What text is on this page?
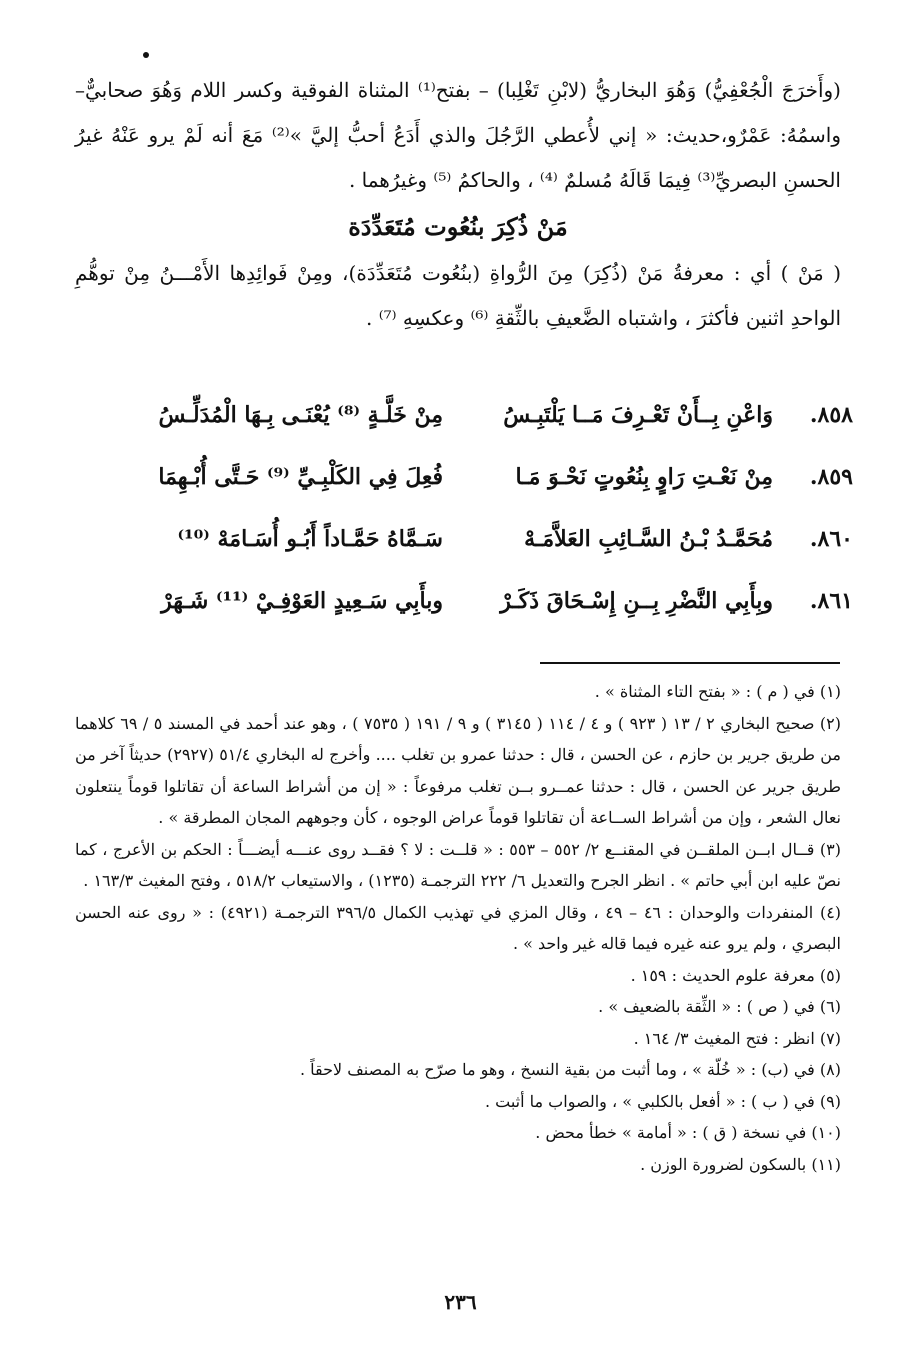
(وأَخرَجَ الْجُعْفِيُّ) وَهُوَ البخاريُّ (لابْنِ تَغْلِبا) – بفتح⁽¹⁾ المثناة الفوقية وكسر اللام وَهُوَ صحابيٌّ–واسمُهُ: عَمْرٌو،حديث: « إني لأُعطي الرَّجُلَ والذي أَدَعُ أحبُّ إليَّ »⁽²⁾ مَعَ أنه لَمْ يرو عَنْهُ غيرُ الحسنِ البصريِّ⁽³⁾ فِيمَا قَالَهُ مُسلمٌ ⁽⁴⁾ ، والحاكمُ ⁽⁵⁾ وغيرُهما .

مَنْ ذُكِرَ بنُعُوت مُتَعَدِّدَة

( مَنْ ) أي : معرفةُ مَنْ (ذُكِرَ) مِنَ الرُّواةِ (بنُعُوت مُتَعَدِّدَة)، ومِنْ فَوائِدِها الأَمْـــنُ مِنْ توهُّمِ الواحدِ اثنين فأكثرَ ، واشتباه الضَّعيفِ بالثِّقةِ ⁽⁶⁾ وعكسِهِ ⁽⁷⁾ .

٨٥٨.
وَاعْنِ بِــأَنْ تَعْـرِفَ مَــا يَلْتَبِـسُ
مِنْ خَلَّـةٍ ⁽⁸⁾ يُعْنَـى بِـهَا الْمُدَلِّـسُ
٨٥٩.
مِنْ نَعْـتِ رَاوٍ بِنُعُوتٍ نَحْـوَ مَـا
فُعِلَ فِي الكَلْبِـيِّ ⁽⁹⁾ حَـتَّى أُبْـهِمَا
٨٦٠.
مُحَمَّـدُ بْـنُ السَّـائِبِ العَلاَّمَـهْ
سَـمَّاهُ حَمَّـاداً أَبُـو أُسَـامَهْ ⁽¹⁰⁾
٨٦١.
وبِأَبِي النَّضْرِ بِــنِ إِسْـحَاقَ ذَكَـرْ
وبأَبِي سَـعِيدٍ العَوْفِـيْ ⁽¹¹⁾ شَـهَرْ

(١) في ( م ) : « بفتح التاء المثناة » .

(٢) صحيح البخاري ٢ / ١٣ ( ٩٢٣ ) و ٤ / ١١٤ ( ٣١٤٥ ) و ٩ / ١٩١ ( ٧٥٣٥ ) ، وهو عند أحمد في المسند ٥ / ٦٩ كلاهما من طريق جرير بن حازم ، عن الحسن ، قال : حدثنا عمرو بن تغلب .... وأخرج له البخاري ٥١/٤ (٢٩٢٧) حديثاً آخر من طريق جرير عن الحسن ، قال : حدثنا عمــرو بــن تغلب مرفوعاً : « إن من أشراط الساعة أن تقاتلوا قوماً ينتعلون نعال الشعر ، وإن من أشراط الســاعة أن تقاتلوا قوماً عراض الوجوه ، كأن وجوههم المجان المطرقة » .

(٣) قــال ابــن الملقــن في المقنــع ٢/ ٥٥٢ – ٥٥٣ : « قلــت : لا ؟ فقــد روى عنـــه أيضـــاً : الحكم بن الأعرج ، كما نصّ عليه ابن أبي حاتم » . انظر الجرح والتعديل ٦/ ٢٢٢ الترجمـة (١٢٣٥) ، والاستيعاب ٥١٨/٢ ، وفتح المغيث ١٦٣/٣ .

(٤) المنفردات والوحدان : ٤٦ – ٤٩ ، وقال المزي في تهذيب الكمال ٣٩٦/٥ الترجمـة (٤٩٢١) : « روى عنه الحسن البصري ، ولم يرو عنه غيره فيما قاله غير واحد » .

(٥) معرفة علوم الحديث : ١٥٩ .

(٦) في ( ص ) : « الثِّقة بالضعيف » .

(٧) انظر : فتح المغيث ٣/ ١٦٤ .

(٨) في (ب) : « خُلّة » ، وما أثبت من بقية النسخ ، وهو ما صرّح به المصنف لاحقاً .

(٩) في ( ب ) : « أفعل بالكلبي » ، والصواب ما أثبت .

(١٠) في نسخة ( ق ) : « أمامة » خطأ محض .

(١١) بالسكون لضرورة الوزن .

٢٣٦
